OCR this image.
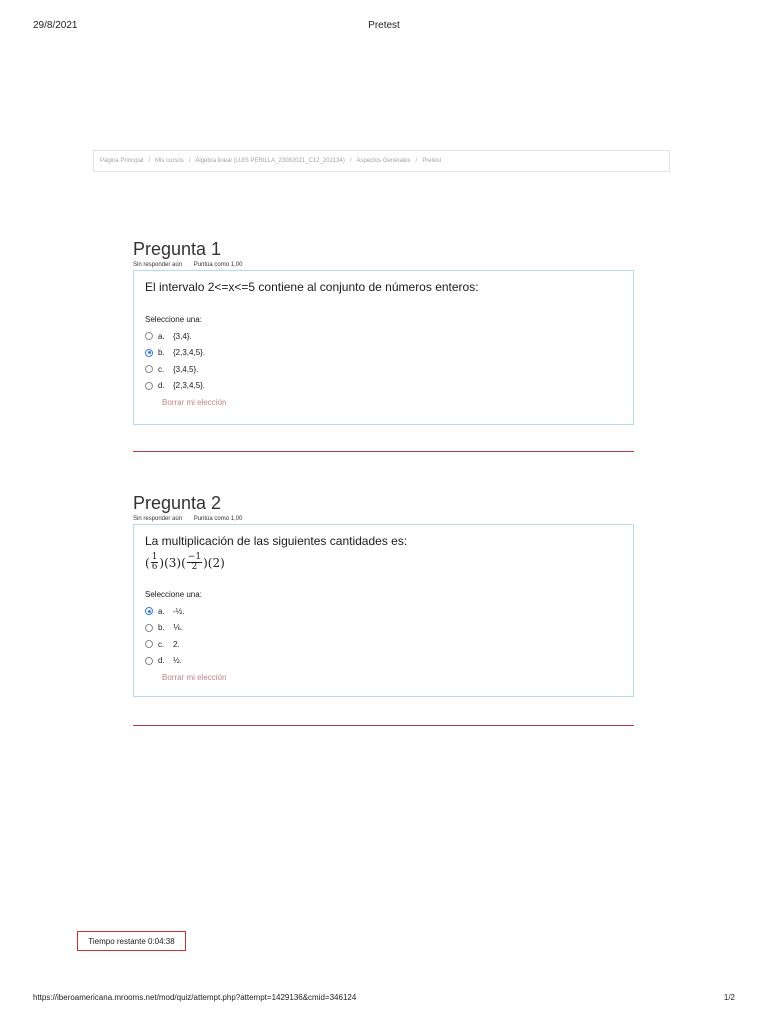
29/8/2021	Pretest
Página Principal / Mis cursos / Álgebra lineal (LUIS PERILLA_23082021_C12_202134) / Aspectos Generales / Pretest
Pregunta 1
Sin responder aún Puntúa como 1,00
El intervalo 2<=x<=5 contiene al conjunto de números enteros:
Seleccione una:
a.	{3,4}.
b.	{2,3,4,5}.
c.	{3,4,5}.
d.	{2,3,4,5}.
Borrar mi elección
Pregunta 2
Sin responder aún Puntúa como 1,00
La multiplicación de las siguientes cantidades es:
( $\frac{1}{6}$ ) (3) ( $\frac{-1}{2}$ ) (2)
Seleccione una:
a.	-½.
b.	⅙.
c.	2.
d.	½.
Borrar mi elección
Tiempo restante 0:04:38
https://iberoamericana.mrooms.net/mod/quiz/attempt.php?attempt=1429136&cmid=346124	1/2
